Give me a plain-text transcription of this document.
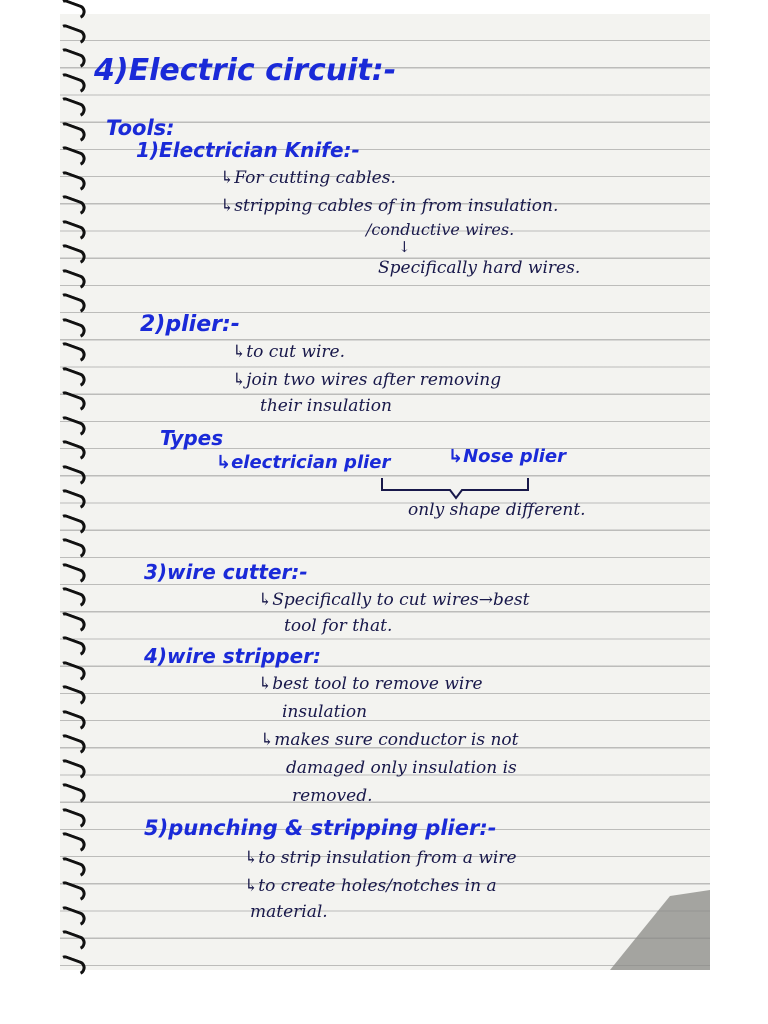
4)Electric circuit:-
Tools:
1)Electrician Knife:-
↳For cutting cables.
↳stripping cables of in from insulation.
/conductive wires.
↓
Specifically hard wires.
2)plier:-
↳to cut wire.
↳join two wires after removing
their insulation
Types
↳electrician plier	↳Nose plier
only shape different.
3)wire cutter:-
↳Specifically to cut wires→best
tool for that.
4)wire stripper:
↳best tool to remove wire
insulation
↳makes sure conductor is not
damaged only insulation is
removed.
5)punching & stripping plier:-
↳to strip insulation from a wire
↳to create holes/notches in a
material.
